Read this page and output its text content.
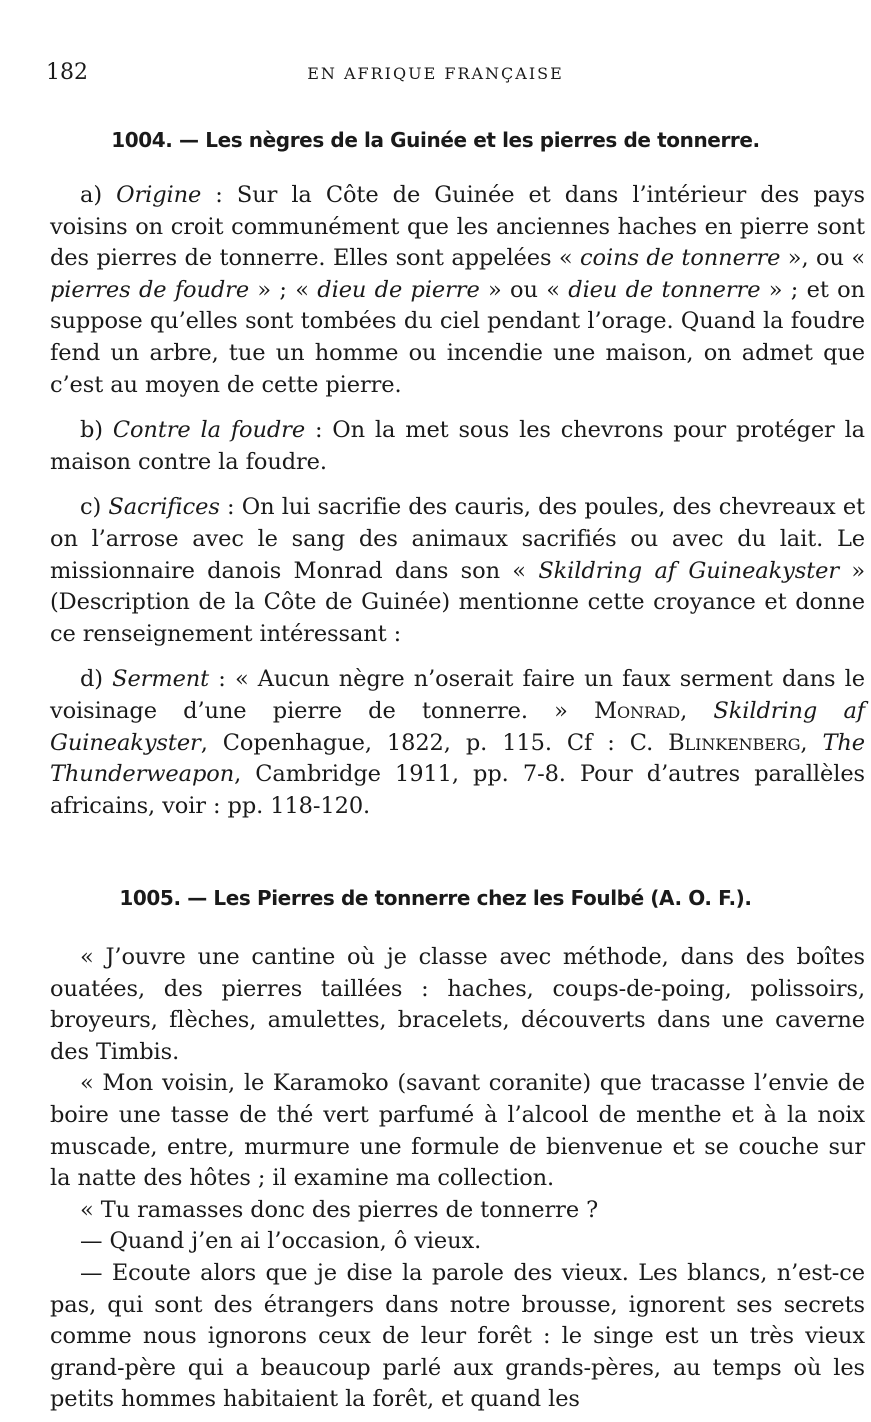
182	EN AFRIQUE FRANÇAISE
1004. — Les nègres de la Guinée et les pierres de tonnerre.

a) Origine : Sur la Côte de Guinée et dans l’intérieur des pays voisins on croit communément que les anciennes haches en pierre sont des pierres de tonnerre. Elles sont appelées « coins de tonnerre », ou « pierres de foudre » ; « dieu de pierre » ou « dieu de tonnerre » ; et on suppose qu’elles sont tombées du ciel pendant l’orage. Quand la foudre fend un arbre, tue un homme ou incendie une maison, on admet que c’est au moyen de cette pierre.

b) Contre la foudre : On la met sous les chevrons pour protéger la maison contre la foudre.

c) Sacrifices : On lui sacrifie des cauris, des poules, des chevreaux et on l’arrose avec le sang des animaux sacrifiés ou avec du lait. Le missionnaire danois Monrad dans son « Skildring af Guineakyster » (Description de la Côte de Guinée) mentionne cette croyance et donne ce renseignement intéressant :

d) Serment : « Aucun nègre n’oserait faire un faux serment dans le voisinage d’une pierre de tonnerre. » Monrad, Skildring af Guineakyster, Copenhague, 1822, p. 115. Cf : C. Blinkenberg, The Thunderweapon, Cambridge 1911, pp. 7-8. Pour d’autres parallèles africains, voir : pp. 118-120.

1005. — Les Pierres de tonnerre chez les Foulbé (A. O. F.).

« J’ouvre une cantine où je classe avec méthode, dans des boîtes ouatées, des pierres taillées : haches, coups-de-poing, polissoirs, broyeurs, flèches, amulettes, bracelets, découverts dans une caverne des Timbis.

« Mon voisin, le Karamoko (savant coranite) que tracasse l’envie de boire une tasse de thé vert parfumé à l’alcool de menthe et à la noix muscade, entre, murmure une formule de bienvenue et se couche sur la natte des hôtes ; il examine ma collection.

« Tu ramasses donc des pierres de tonnerre ?

— Quand j’en ai l’occasion, ô vieux.

— Ecoute alors que je dise la parole des vieux. Les blancs, n’est-ce pas, qui sont des étrangers dans notre brousse, ignorent ses secrets comme nous ignorons ceux de leur forêt : le singe est un très vieux grand-père qui a beaucoup parlé aux grands-pères, au temps où les petits hommes habitaient la forêt, et quand les
